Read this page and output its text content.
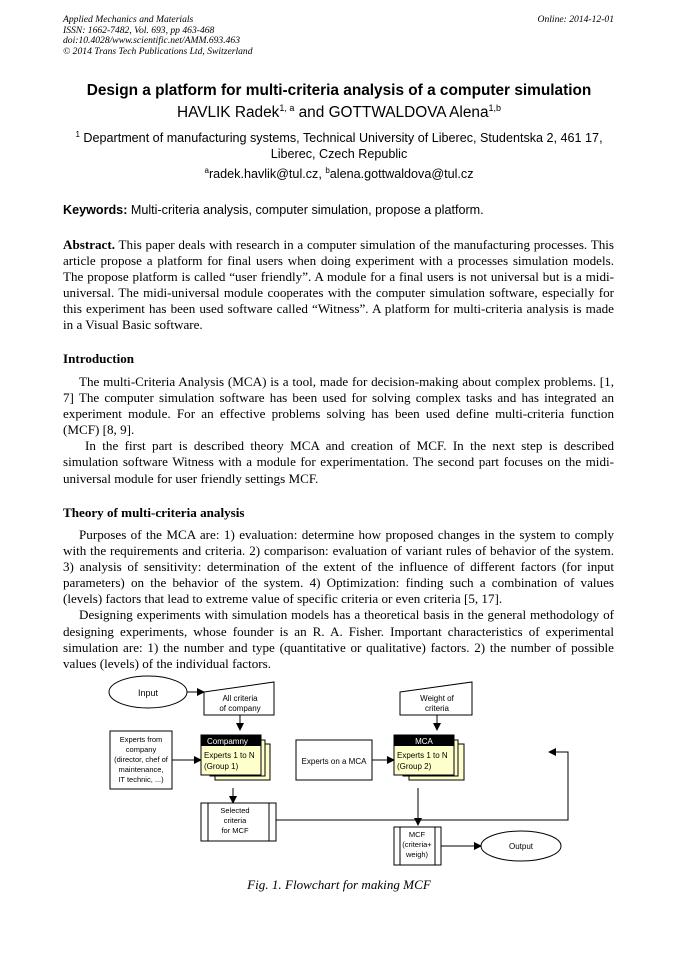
Applied Mechanics and Materials
ISSN: 1662-7482, Vol. 693, pp 463-468
doi:10.4028/www.scientific.net/AMM.693.463
© 2014 Trans Tech Publications Ltd, Switzerland
Online: 2014-12-01
Design a platform for multi-criteria analysis of a computer simulation
HAVLIK Radek$^{1, a}$ and GOTTWALDOVA Alena$^{1,b}$
$^1$ Department of manufacturing systems, Technical University of Liberec, Studentska 2, 461 17, Liberec, Czech Republic
$^a$radek.havlik@tul.cz, $^b$alena.gottwaldova@tul.cz
Keywords: Multi-criteria analysis, computer simulation, propose a platform.

Abstract. This paper deals with research in a computer simulation of the manufacturing processes. This article propose a platform for final users when doing experiment with a processes simulation models. The propose platform is called “user friendly”. A module for a final users is not universal but is a midi-universal. The midi-universal module cooperates with the computer simulation software, especially for this experiment has been used software called “Witness”. A platform for multi-criteria analysis is made in a Visual Basic software.

Introduction

The multi-Criteria Analysis (MCA) is a tool, made for decision-making about complex problems. [1, 7] The computer simulation software has been used for solving complex tasks and has integrated an experiment module. For an effective problems solving has been used define multi-criteria function (MCF) [8, 9].

In the first part is described theory MCA and creation of MCF. In the next step is described simulation software Witness with a module for experimentation. The second part focuses on the midi-universal module for user friendly settings MCF.

Theory of multi-criteria analysis

Purposes of the MCA are: 1) evaluation: determine how proposed changes in the system to comply with the requirements and criteria. 2) comparison: evaluation of variant rules of behavior of the system. 3) analysis of sensitivity: determination of the extent of the influence of different factors (for input parameters) on the behavior of the system. 4) Optimization: finding such a combination of values (levels) factors that lead to extreme value of specific criteria or even criteria [5, 17].

Designing experiments with simulation models has a theoretical basis in the general methodology of designing experiments, whose founder is an R. A. Fisher. Important characteristics of experimental simulation are: 1) the number and type (quantitative or qualitative) factors. 2) the number of possible values (levels) of the individual factors.

Input
All criteria
of company
Weight of
criteria
Experts from
company
(director, chef of
maintenance,
IT technic, ...)
Compamny
Experts 1 to N
(Group 1)
Experts on a MCA
MCA
Experts 1 to N
(Group 2)
Selected
criteria
for MCF	MCF
(criteria+
weigh)
Output
Fig. 1. Flowchart for making MCF
